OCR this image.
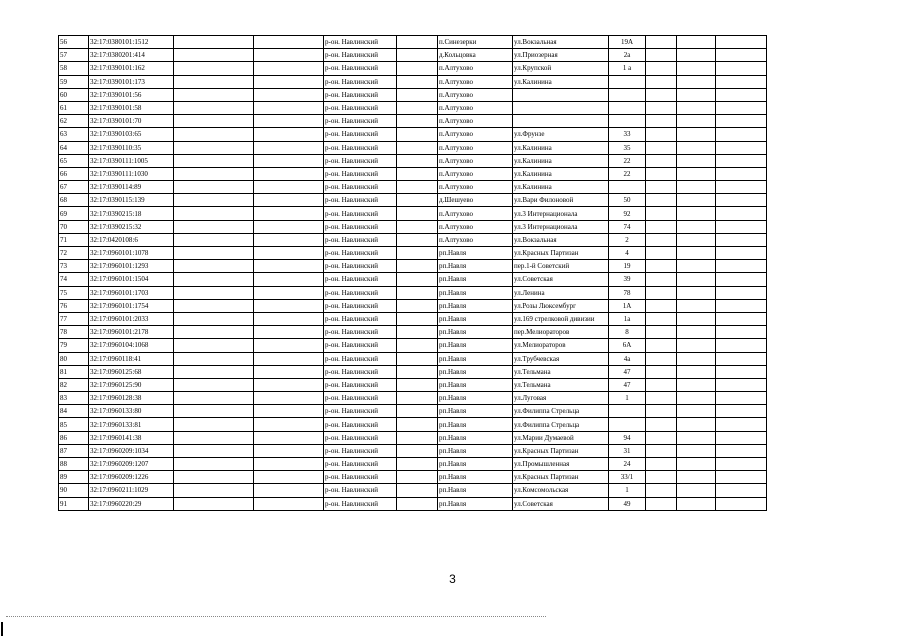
56	32:17:0380101:1512			р-он. Навлинский		п.Синезерки	ул.Вокзальная	19А			
57	32:17:0380201:414			р-он. Навлинский		д.Кольцовка	ул.Приозерная	2а			
58	32:17:0390101:162			р-он. Навлинский		п.Алтухово	ул.Крупской	1 а			
59	32:17:0390101:173			р-он. Навлинский		п.Алтухово	ул.Калинина				
60	32:17:0390101:56			р-он. Навлинский		п.Алтухово					
61	32:17:0390101:58			р-он. Навлинский		п.Алтухово					
62	32:17:0390101:70			р-он. Навлинский		п.Алтухово					
63	32:17:0390103:65			р-он. Навлинский		п.Алтухово	ул.Фрунзе	33			
64	32:17:0390110:35			р-он. Навлинский		п.Алтухово	ул.Калинина	35			
65	32:17:0390111:1005			р-он. Навлинский		п.Алтухово	ул.Калинина	22			
66	32:17:0390111:1030			р-он. Навлинский		п.Алтухово	ул.Калинина	22			
67	32:17:0390114:89			р-он. Навлинский		п.Алтухово	ул.Калинина				
68	32:17:0390115:139			р-он. Навлинский		д.Шешуево	ул.Вари Филоновой	50			
69	32:17:0390215:18			р-он. Навлинский		п.Алтухово	ул.3 Интернационала	92			
70	32:17:0390215:32			р-он. Навлинский		п.Алтухово	ул.3 Интернационала	74			
71	32:17:0420108:6			р-он. Навлинский		п.Алтухово	ул.Вокзальная	2			
72	32:17:0960101:1078			р-он. Навлинский		рп.Навля	ул.Красных Партизан	4			
73	32:17:0960101:1293			р-он. Навлинский		рп.Навля	пер.1-й Советский	19			
74	32:17:0960101:1504			р-он. Навлинский		рп.Навля	ул.Советская	39			
75	32:17:0960101:1703			р-он. Навлинский		рп.Навля	ул.Ленина	78			
76	32:17:0960101:1754			р-он. Навлинский		рп.Навля	ул.Розы Люксембург	1А			
77	32:17:0960101:2033			р-он. Навлинский		рп.Навля	ул.169 стрелковой дивизии	1а			
78	32:17:0960101:2178			р-он. Навлинский		рп.Навля	пер.Мелиораторов	8			
79	32:17:0960104:1068			р-он. Навлинский		рп.Навля	ул.Мелиораторов	6А			
80	32:17:0960118:41			р-он. Навлинский		рп.Навля	ул.Трубчевская	4а			
81	32:17:0960125:68			р-он. Навлинский		рп.Навля	ул.Тельмана	47			
82	32:17:0960125:90			р-он. Навлинский		рп.Навля	ул.Тельмана	47			
83	32:17:0960128:38			р-он. Навлинский		рп.Навля	ул.Луговая	1			
84	32:17:0960133:80			р-он. Навлинский		рп.Навля	ул.Филиппа Стрельца				
85	32:17:0960133:81			р-он. Навлинский		рп.Навля	ул.Филиппа Стрельца				
86	32:17:0960141:38			р-он. Навлинский		рп.Навля	ул.Марии Думаевой	94			
87	32:17:0960209:1034			р-он. Навлинский		рп.Навля	ул.Красных Партизан	31			
88	32:17:0960209:1207			р-он. Навлинский		рп.Навля	ул.Промышленная	24			
89	32:17:0960209:1226			р-он. Навлинский		рп.Навля	ул.Красных Партизан	33/1			
90	32:17:0960211:1029			р-он. Навлинский		рп.Навля	ул.Комсомольская	1			
91	32:17:0960220:29			р-он. Навлинский		рп.Навля	ул.Советская	49			
3
